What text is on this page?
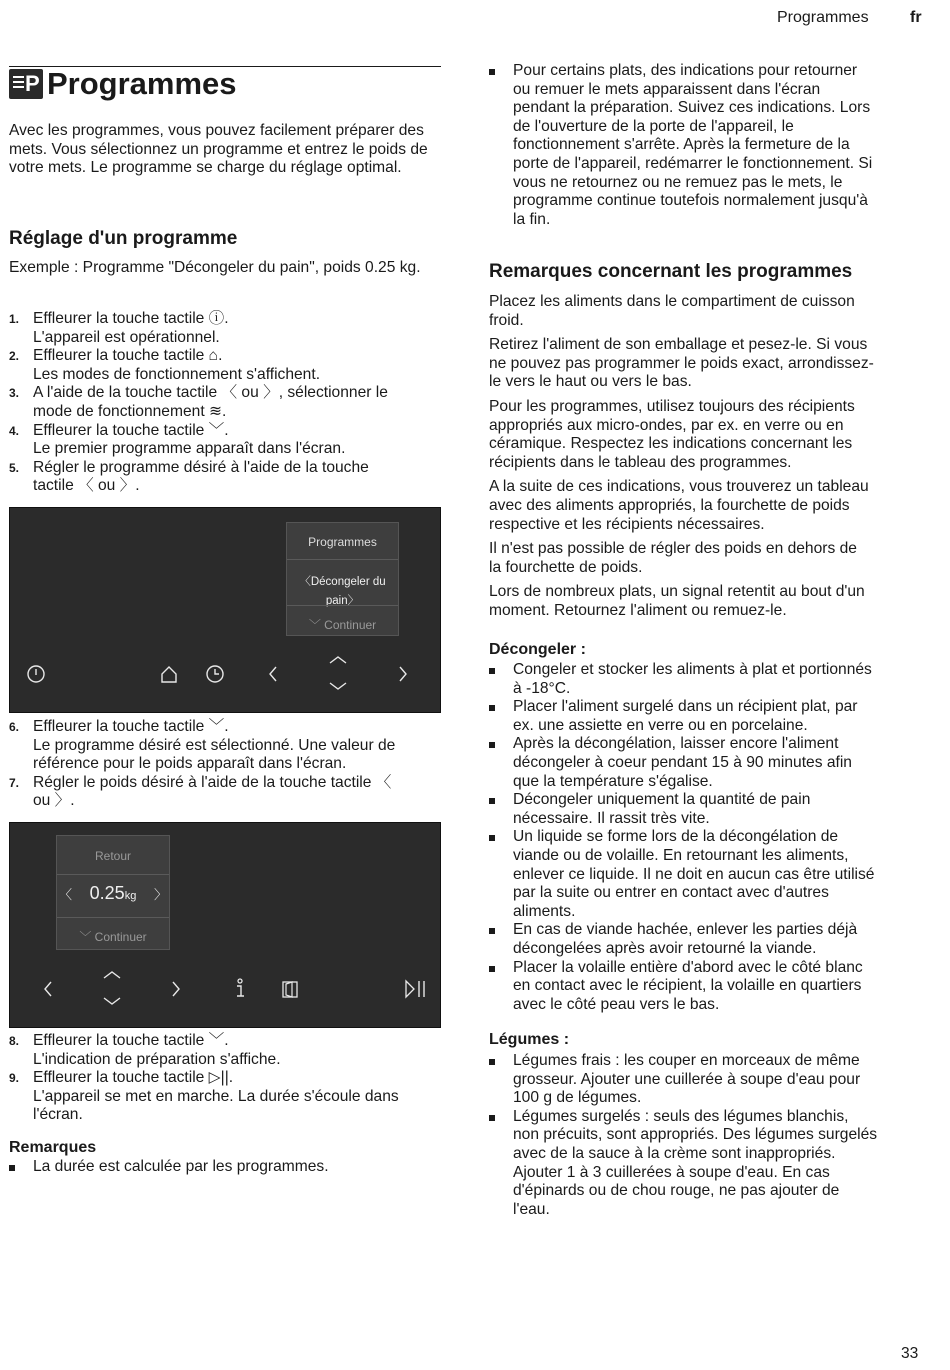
Programmes	fr
P Programmes

Avec les programmes, vous pouvez facilement préparer des mets. Vous sélectionnez un programme et entrez le poids de votre mets. Le programme se charge du réglage optimal.

Réglage d'un programme

Exemple : Programme "Décongeler du pain", poids 0.25 kg.

1. Effleurer la touche tactile ⓘ.
L'appareil est opérationnel.
2. Effleurer la touche tactile ⌂.
Les modes de fonctionnement s'affichent.
3. A l'aide de la touche tactile 〈 ou 〉, sélectionner le
mode de fonctionnement ≋.
4. Effleurer la touche tactile ﹀.
Le premier programme apparaît dans l'écran.
5. Régler le programme désiré à l'aide de la touche
tactile 〈 ou 〉.
Programmes
〈Décongeler du pain〉
﹀ Continuer
6. Effleurer la touche tactile ﹀.
Le programme désiré est sélectionné. Une valeur de
référence pour le poids apparaît dans l'écran.
7. Régler le poids désiré à l'aide de la touche tactile 〈
ou 〉.
Retour
〈 0.25kg 〉
﹀ Continuer
8. Effleurer la touche tactile ﹀.
L'indication de préparation s'affiche.
9. Effleurer la touche tactile ▷||.
L'appareil se met en marche. La durée s'écoule dans
l'écran.
Remarques
La durée est calculée par les programmes.
Pour certains plats, des indications pour retourner
ou remuer le mets apparaissent dans l'écran
pendant la préparation. Suivez ces indications. Lors
de l'ouverture de la porte de l'appareil, le
fonctionnement s'arrête. Après la fermeture de la
porte de l'appareil, redémarrer le fonctionnement. Si
vous ne retournez ou ne remuez pas le mets, le
programme continue toutefois normalement jusqu'à
la fin.
Remarques concernant les programmes
Placez les aliments dans le compartiment de cuisson
froid.
Retirez l'aliment de son emballage et pesez-le. Si vous
ne pouvez pas programmer le poids exact, arrondissez-
le vers le haut ou vers le bas.
Pour les programmes, utilisez toujours des récipients
appropriés aux micro-ondes, par ex. en verre ou en
céramique. Respectez les indications concernant les
récipients dans le tableau des programmes.
A la suite de ces indications, vous trouverez un tableau
avec des aliments appropriés, la fourchette de poids
respective et les récipients nécessaires.
Il n'est pas possible de régler des poids en dehors de
la fourchette de poids.
Lors de nombreux plats, un signal retentit au bout d'un
moment. Retournez l'aliment ou remuez-le.
Décongeler :
Congeler et stocker les aliments à plat et portionnés
à -18°C.
Placer l'aliment surgelé dans un récipient plat, par
ex. une assiette en verre ou en porcelaine.
Après la décongélation, laisser encore l'aliment
décongeler à coeur pendant 15 à 90 minutes afin
que la température s'égalise.
Décongeler uniquement la quantité de pain
nécessaire. Il rassit très vite.
Un liquide se forme lors de la décongélation de
viande ou de volaille. En retournant les aliments,
enlever ce liquide. Il ne doit en aucun cas être utilisé
par la suite ou entrer en contact avec d'autres
aliments.
En cas de viande hachée, enlever les parties déjà
décongelées après avoir retourné la viande.
Placer la volaille entière d'abord avec le côté blanc
en contact avec le récipient, la volaille en quartiers
avec le côté peau vers le bas.
Légumes :
Légumes frais : les couper en morceaux de même
grosseur. Ajouter une cuillerée à soupe d'eau pour
100 g de légumes.
Légumes surgelés : seuls des légumes blanchis,
non précuits, sont appropriés. Des légumes surgelés
avec de la sauce à la crème sont inappropriés.
Ajouter 1 à 3 cuillerées à soupe d'eau. En cas
d'épinards ou de chou rouge, ne pas ajouter de
l'eau.
33
